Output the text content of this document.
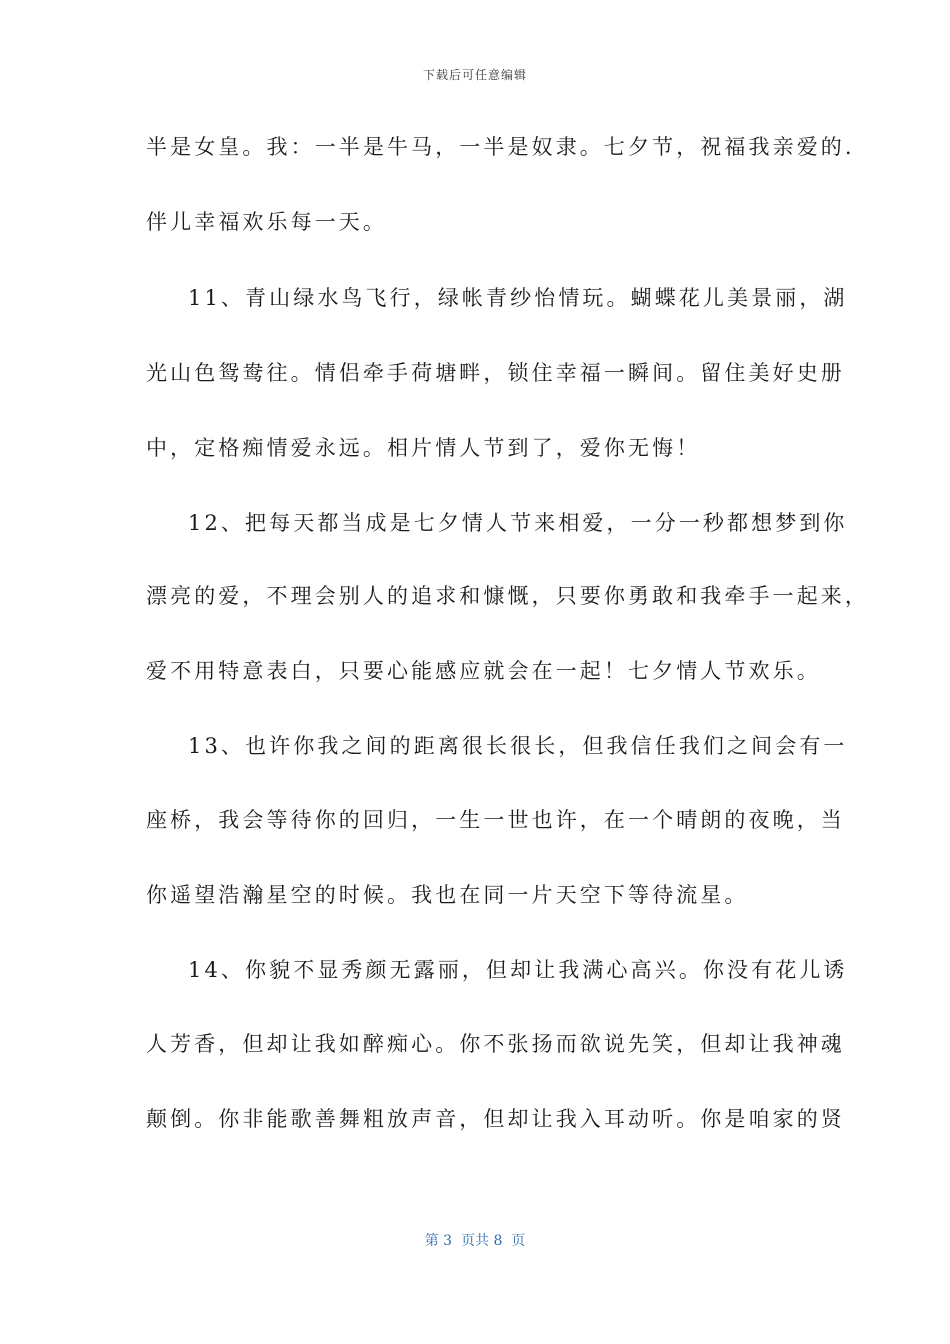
下载后可任意编辑
半是女皇。我：一半是牛马，一半是奴隶。七夕节，祝福我亲爱的.
伴儿幸福欢乐每一天。
11、青山绿水鸟飞行，绿帐青纱怡情玩。蝴蝶花儿美景丽，湖
光山色鸳鸯往。情侣牵手荷塘畔，锁住幸福一瞬间。留住美好史册
中，定格痴情爱永远。相片情人节到了，爱你无悔！
12、把每天都当成是七夕情人节来相爱，一分一秒都想梦到你
漂亮的爱，不理会别人的追求和慷慨，只要你勇敢和我牵手一起来，
爱不用特意表白，只要心能感应就会在一起！七夕情人节欢乐。
13、也许你我之间的距离很长很长，但我信任我们之间会有一
座桥，我会等待你的回归，一生一世也许，在一个晴朗的夜晚，当
你遥望浩瀚星空的时候。我也在同一片天空下等待流星。
14、你貌不显秀颜无露丽，但却让我满心高兴。你没有花儿诱
人芳香，但却让我如醉痴心。你不张扬而欲说先笑，但却让我神魂
颠倒。你非能歌善舞粗放声音，但却让我入耳动听。你是咱家的贤
第 3  页共 8  页
